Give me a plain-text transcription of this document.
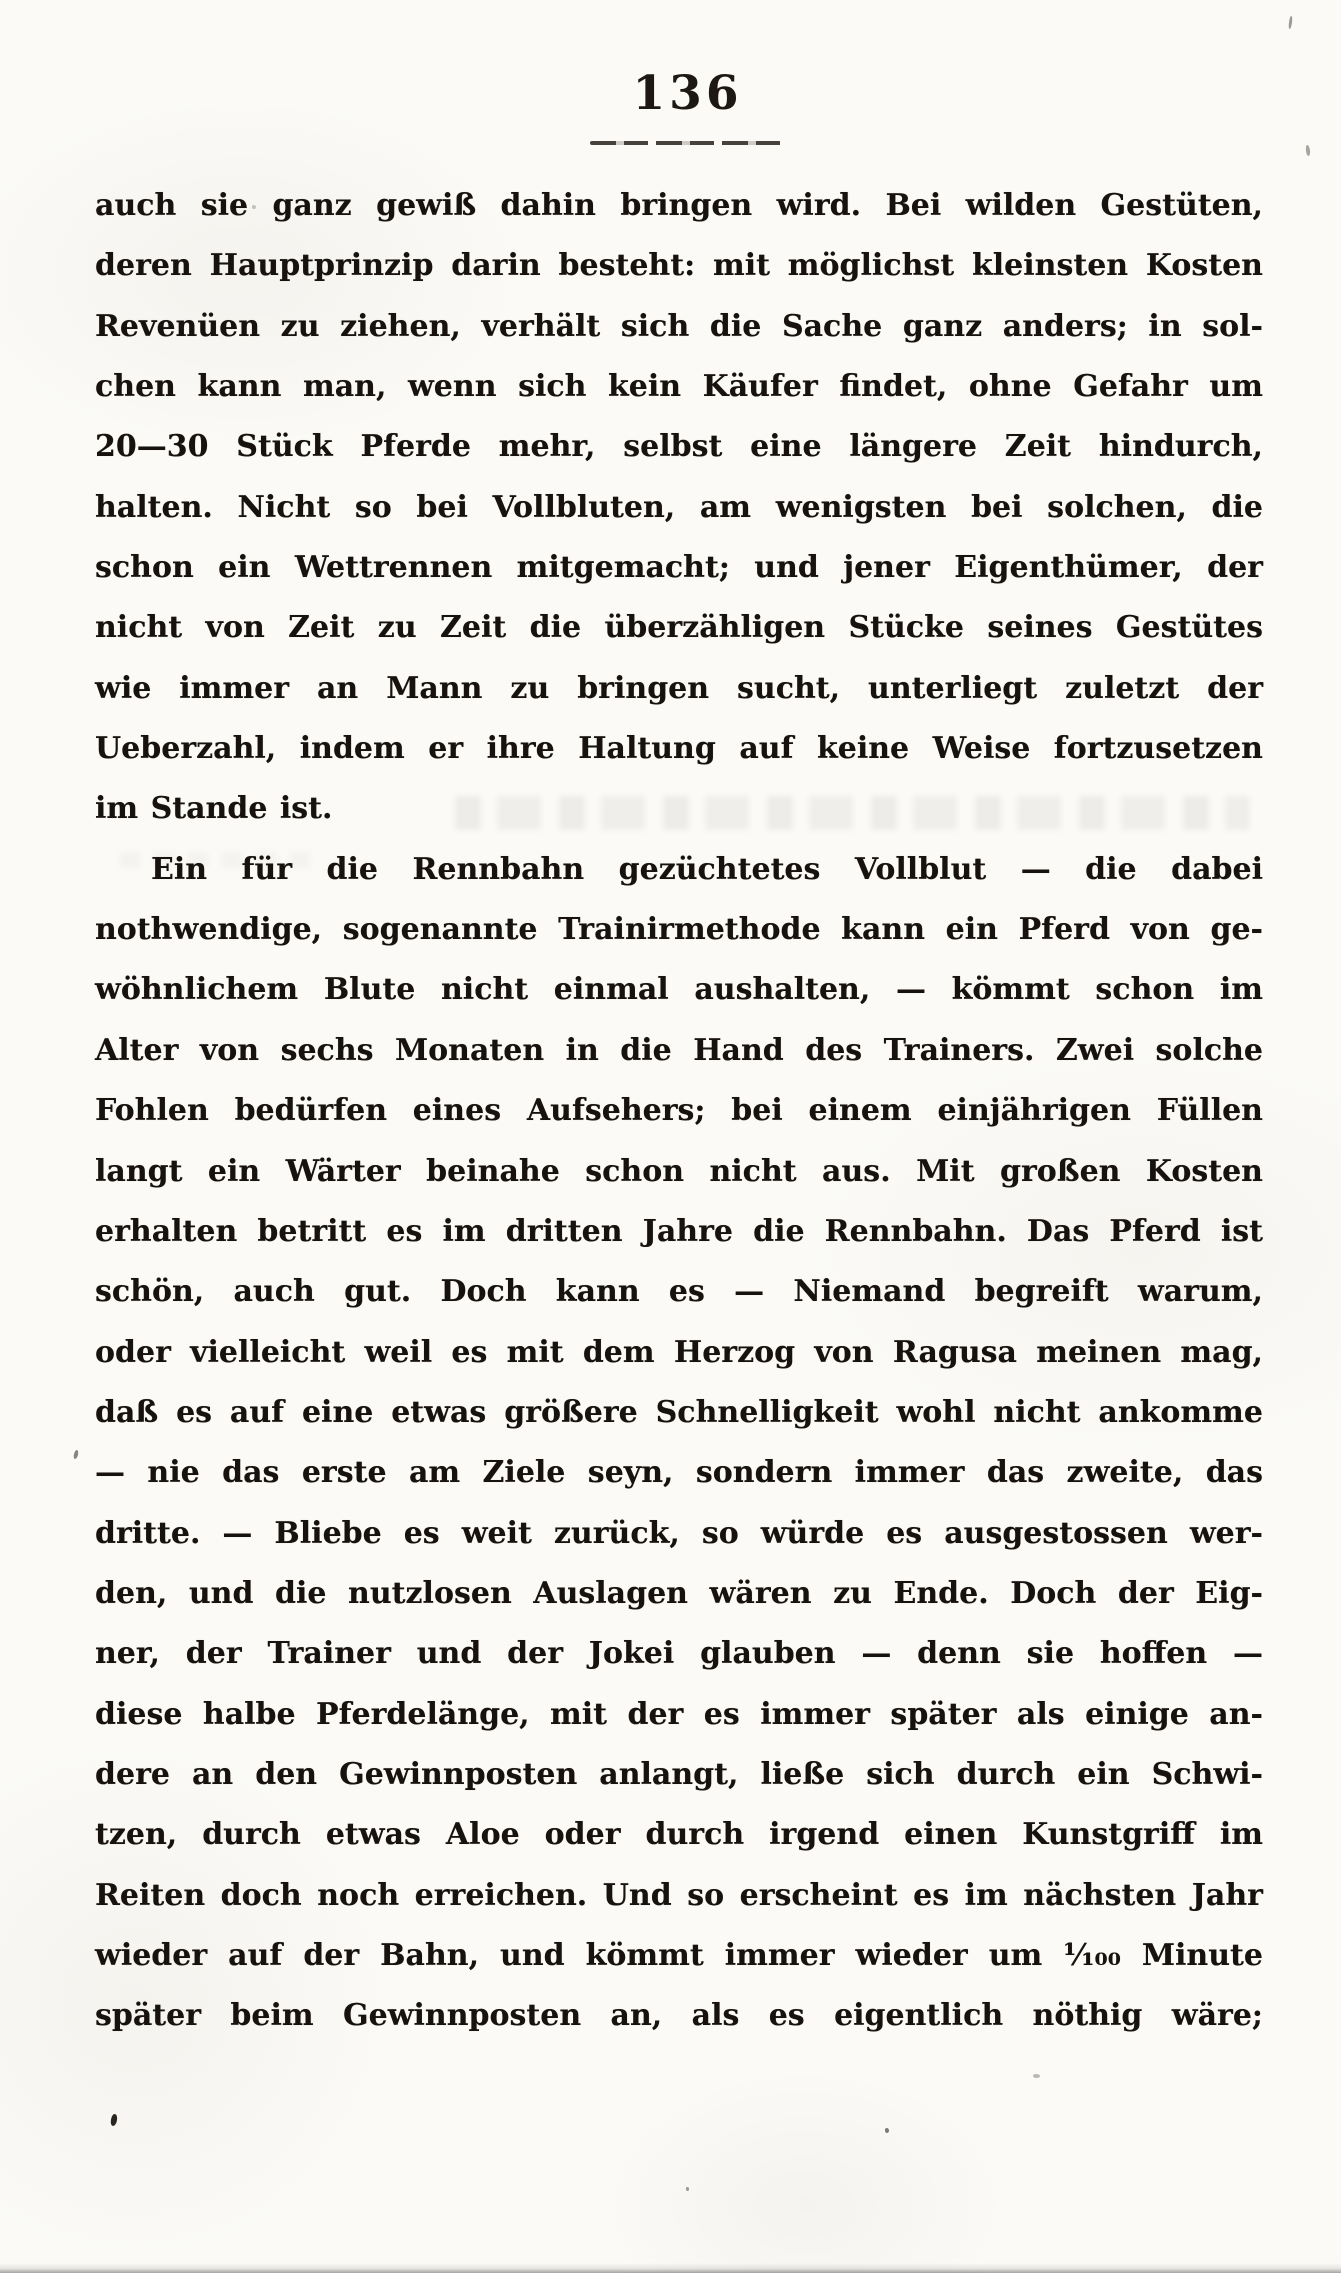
136
auch sie ganz gewiß dahin bringen wird. Bei wilden Gestüten,
deren Hauptprinzip darin besteht: mit möglichst kleinsten Kosten
Revenüen zu ziehen, verhält sich die Sache ganz anders; in sol-
chen kann man, wenn sich kein Käufer findet, ohne Gefahr um
20—30 Stück Pferde mehr, selbst eine längere Zeit hindurch,
halten. Nicht so bei Vollbluten, am wenigsten bei solchen, die
schon ein Wettrennen mitgemacht; und jener Eigenthümer, der
nicht von Zeit zu Zeit die überzähligen Stücke seines Gestütes
wie immer an Mann zu bringen sucht, unterliegt zuletzt der
Ueberzahl, indem er ihre Haltung auf keine Weise fortzusetzen
im Stande ist.
Ein für die Rennbahn gezüchtetes Vollblut — die dabei
nothwendige, sogenannte Trainirmethode kann ein Pferd von ge-
wöhnlichem Blute nicht einmal aushalten, — kömmt schon im
Alter von sechs Monaten in die Hand des Trainers. Zwei solche
Fohlen bedürfen eines Aufsehers; bei einem einjährigen Füllen
langt ein Wärter beinahe schon nicht aus. Mit großen Kosten
erhalten betritt es im dritten Jahre die Rennbahn. Das Pferd ist
schön, auch gut. Doch kann es — Niemand begreift warum,
oder vielleicht weil es mit dem Herzog von Ragusa meinen mag,
daß es auf eine etwas größere Schnelligkeit wohl nicht ankomme
— nie das erste am Ziele seyn, sondern immer das zweite, das
dritte. — Bliebe es weit zurück, so würde es ausgestossen wer-
den, und die nutzlosen Auslagen wären zu Ende. Doch der Eig-
ner, der Trainer und der Jokei glauben — denn sie hoffen —
diese halbe Pferdelänge, mit der es immer später als einige an-
dere an den Gewinnposten anlangt, ließe sich durch ein Schwi-
tzen, durch etwas Aloe oder durch irgend einen Kunstgriff im
Reiten doch noch erreichen. Und so erscheint es im nächsten Jahr
wieder auf der Bahn, und kömmt immer wieder um ¹⁄₁₀₀ Minute
später beim Gewinnposten an, als es eigentlich nöthig wäre;
